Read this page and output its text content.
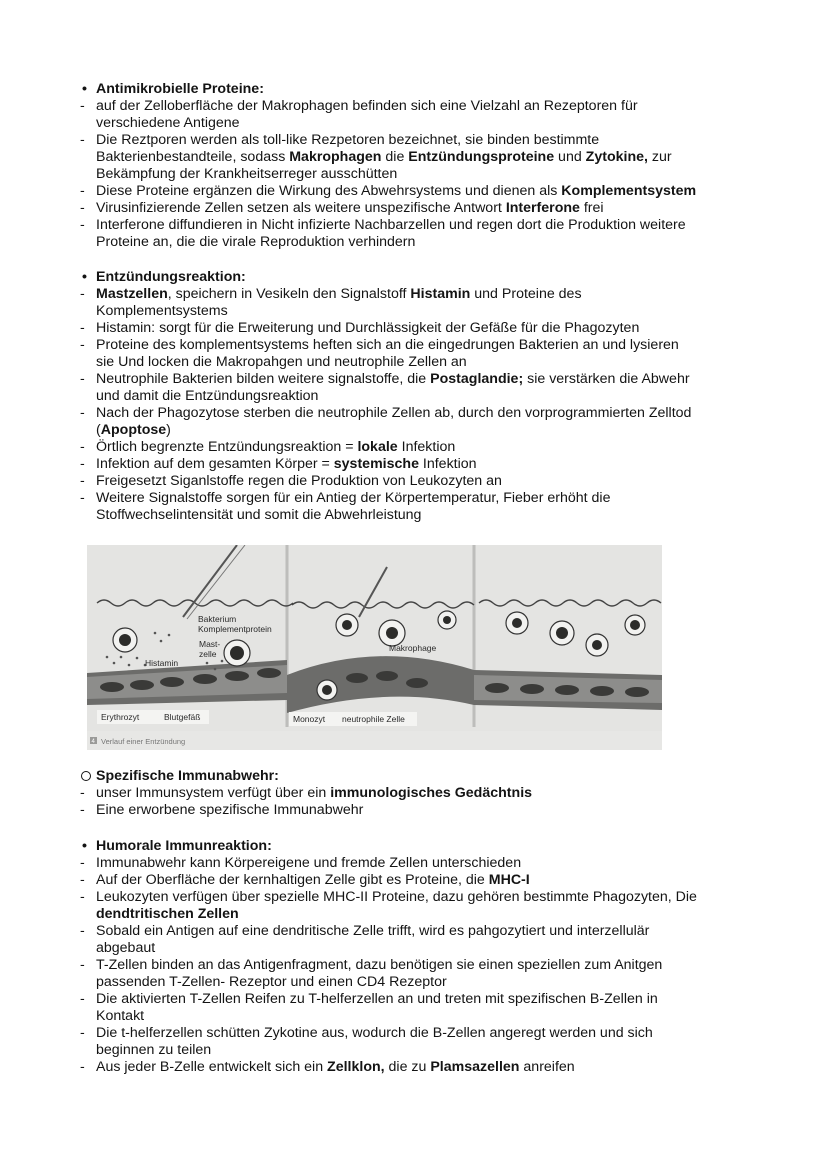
• Antimikrobielle Proteine:

- auf der Zelloberfläche der Makrophagen befinden sich eine Vielzahl an Rezeptoren für

verschiedene Antigene

- Die Reztporen werden als toll-like Rezpetoren bezeichnet, sie binden bestimmte

Bakterienbestandteile, sodass Makrophagen die Entzündungsproteine und Zytokine, zur

Bekämpfung der Krankheitserreger ausschütten

- Diese Proteine ergänzen die Wirkung des Abwehrsystems und dienen als Komplementsystem

- Virusinfizierende Zellen setzen als weitere unspezifische Antwort Interferone frei

- Interferone diffundieren in Nicht infizierte Nachbarzellen und regen dort die Produktion weitere

Proteine an, die die virale Reproduktion verhindern

• Entzündungsreaktion:

- Mastzellen, speichern in Vesikeln den Signalstoff Histamin und Proteine des

Komplementsystems

- Histamin: sorgt für die Erweiterung und Durchlässigkeit der Gefäße für die Phagozyten

- Proteine des komplementsystems heften sich an die eingedrungen Bakterien an und lysieren

sie Und locken die Makropahgen und neutrophile Zellen an

- Neutrophile Bakterien bilden weitere signalstoffe, die Postaglandie; sie verstärken die Abwehr

und damit die Entzündungsreaktion

- Nach der Phagozytose sterben die neutrophile Zellen ab, durch den vorprogrammierten Zelltod

(Apoptose)

- Örtlich begrenzte Entzündungsreaktion = lokale Infektion

- Infektion auf dem gesamten Körper = systemische Infektion

- Freigesetzt Siganlstoffe regen die Produktion von Leukozyten an

- Weitere Signalstoffe sorgen für ein Antieg der Körpertemperatur, Fieber erhöht die

Stoffwechselintensität und somit die Abwehrleistung

Bakterium
Komplementprotein
Mast-
zelle
Histamin
Makrophage
Erythrozyt	Blutgefäß	Monozyt neutrophile Zelle
4 Verlauf einer Entzündung

Spezifische Immunabwehr:

- unser Immunsystem verfügt über ein immunologisches Gedächtnis

- Eine erworbene spezifische Immunabwehr

• Humorale Immunreaktion:

- Immunabwehr kann Körpereigene und fremde Zellen unterschieden

- Auf der Oberfläche der kernhaltigen Zelle gibt es Proteine, die MHC-I

- Leukozyten verfügen über spezielle MHC-II Proteine, dazu gehören bestimmte Phagozyten, Die

dendtritischen Zellen

- Sobald ein Antigen auf eine dendritische Zelle trifft, wird es pahgozytiert und interzellulär

abgebaut

- T-Zellen binden an das Antigenfragment, dazu benötigen sie einen speziellen zum Anitgen

passenden T-Zellen- Rezeptor und einen CD4 Rezeptor

- Die aktivierten T-Zellen Reifen zu T-helferzellen an und treten mit spezifischen B-Zellen in

Kontakt

- Die t-helferzellen schütten Zykotine aus, wodurch die B-Zellen angeregt werden und sich

beginnen zu teilen

- Aus jeder B-Zelle entwickelt sich ein Zellklon, die zu Plamsazellen anreifen
